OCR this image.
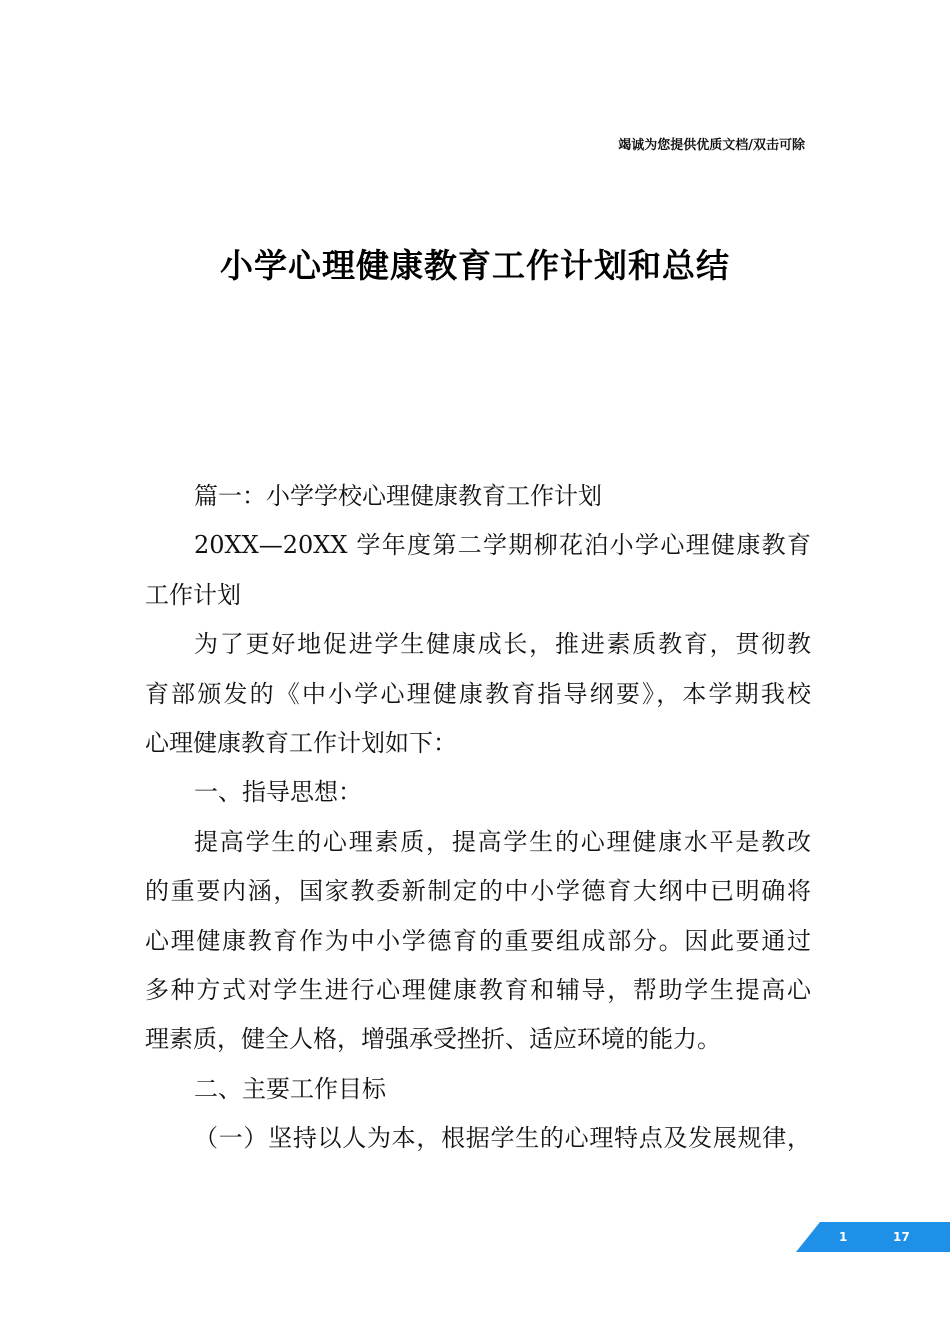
竭诚为您提供优质文档/双击可除
小学心理健康教育工作计划和总结
篇一：小学学校心理健康教育工作计划
20XX—20XX 学年度第二学期柳花泊小学心理健康教育
工作计划
为了更好地促进学生健康成长，推进素质教育，贯彻教
育部颁发的《中小学心理健康教育指导纲要》，本学期我校
心理健康教育工作计划如下：
一、指导思想：
提高学生的心理素质，提高学生的心理健康水平是教改
的重要内涵，国家教委新制定的中小学德育大纲中已明确将
心理健康教育作为中小学德育的重要组成部分。因此要通过
多种方式对学生进行心理健康教育和辅导，帮助学生提高心
理素质，健全人格，增强承受挫折、适应环境的能力。
二、主要工作目标
（一）坚持以人为本，根据学生的心理特点及发展规律，
1	17
